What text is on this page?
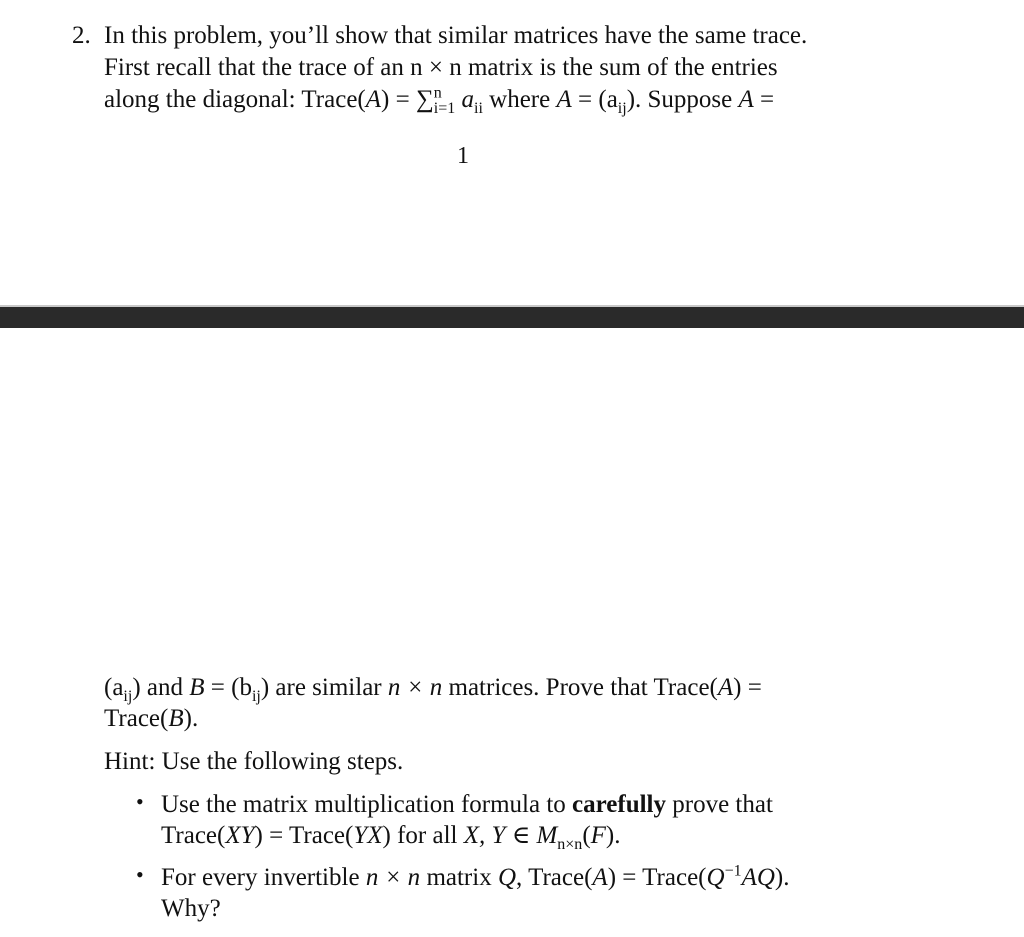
2. In this problem, you’ll show that similar matrices have the same trace.
First recall that the trace of an n × n matrix is the sum of the entries
along the diagonal: Trace(A) = ∑$^n_{i=1}$ $a_{ii}$ where $A = (a_{ij})$. Suppose A =
1
$(a_{ij})$ and $B = (b_{ij})$ are similar n × n matrices. Prove that Trace(A) =
Trace(B).
Hint: Use the following steps.
• Use the matrix multiplication formula to carefully prove that
Trace(XY) = Trace(YX) for all X, Y ∈ $M_{n\times n}(F)$.
• For every invertible n × n matrix Q, Trace(A) = $Trace(Q^{-1}AQ)$.
Why?
